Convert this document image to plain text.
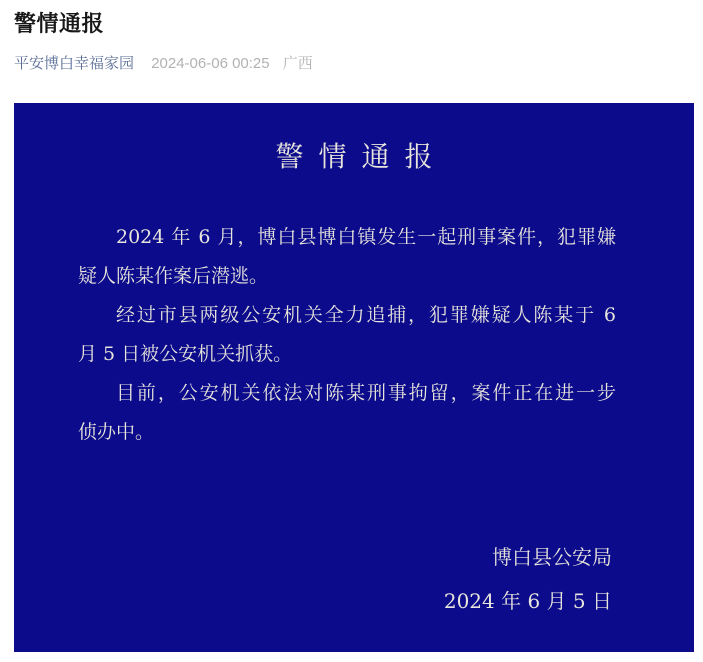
警情通报
平安博白幸福家园 2024-06-06 00:25 广西
警情通报
2024 年 6 月，博白县博白镇发生一起刑事案件，犯罪嫌
疑人陈某作案后潜逃。
经过市县两级公安机关全力追捕，犯罪嫌疑人陈某于 6
月 5 日被公安机关抓获。
目前，公安机关依法对陈某刑事拘留，案件正在进一步
侦办中。
博白县公安局
2024 年 6 月 5 日
